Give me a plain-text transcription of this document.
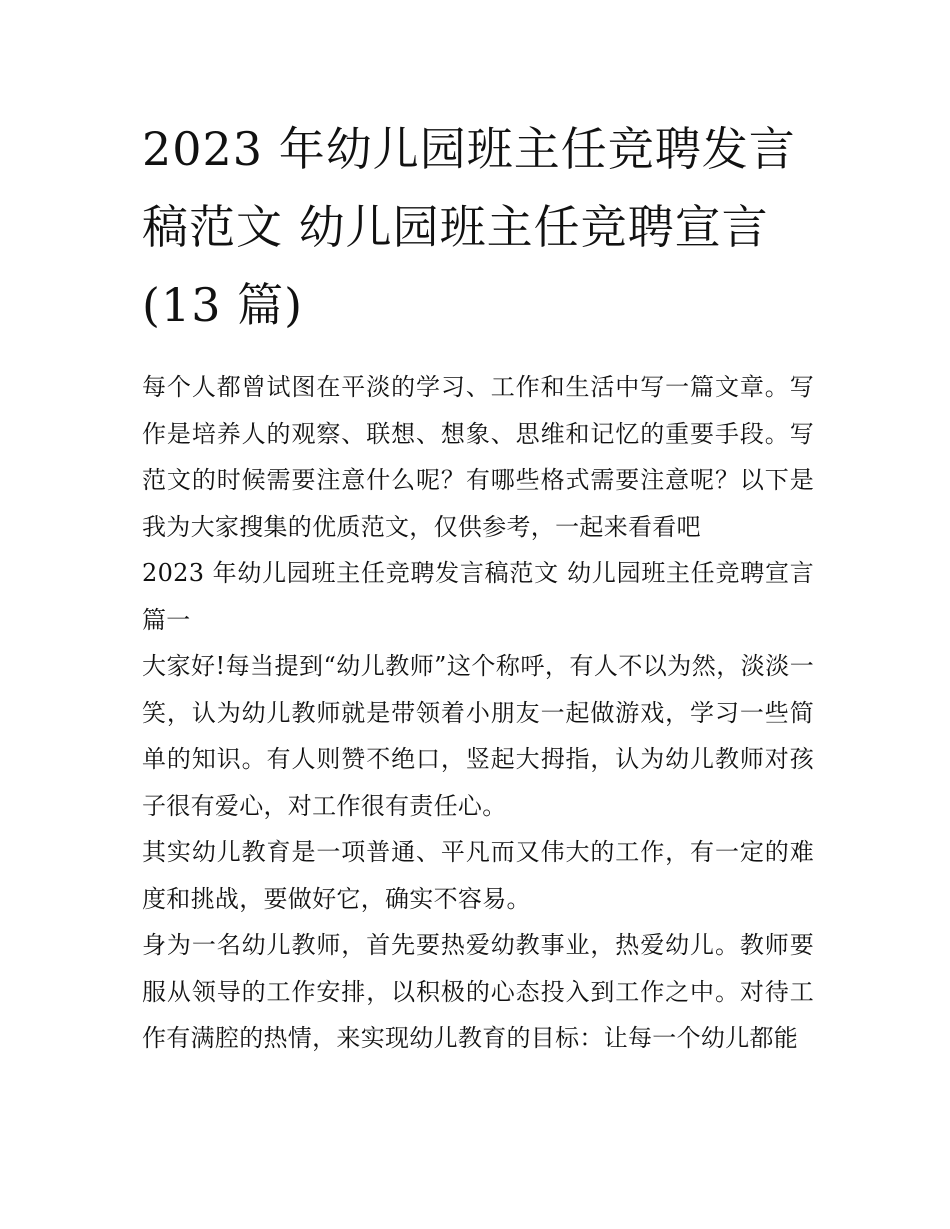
2023 年幼儿园班主任竞聘发言
稿范文 幼儿园班主任竞聘宣言
(13 篇)

每个人都曾试图在平淡的学习、工作和生活中写一篇文章。写作是培养人的观察、联想、想象、思维和记忆的重要手段。写范文的时候需要注意什么呢？有哪些格式需要注意呢？以下是我为大家搜集的优质范文，仅供参考，一起来看看吧

2023 年幼儿园班主任竞聘发言稿范文 幼儿园班主任竞聘宣言篇一

大家好!每当提到“幼儿教师”这个称呼，有人不以为然，淡淡一笑，认为幼儿教师就是带领着小朋友一起做游戏，学习一些简单的知识。有人则赞不绝口，竖起大拇指，认为幼儿教师对孩子很有爱心，对工作很有责任心。

其实幼儿教育是一项普通、平凡而又伟大的工作，有一定的难度和挑战，要做好它，确实不容易。

身为一名幼儿教师，首先要热爱幼教事业，热爱幼儿。教师要服从领导的工作安排，以积极的心态投入到工作之中。对待工作有满腔的热情，来实现幼儿教育的目标：让每一个幼儿都能
